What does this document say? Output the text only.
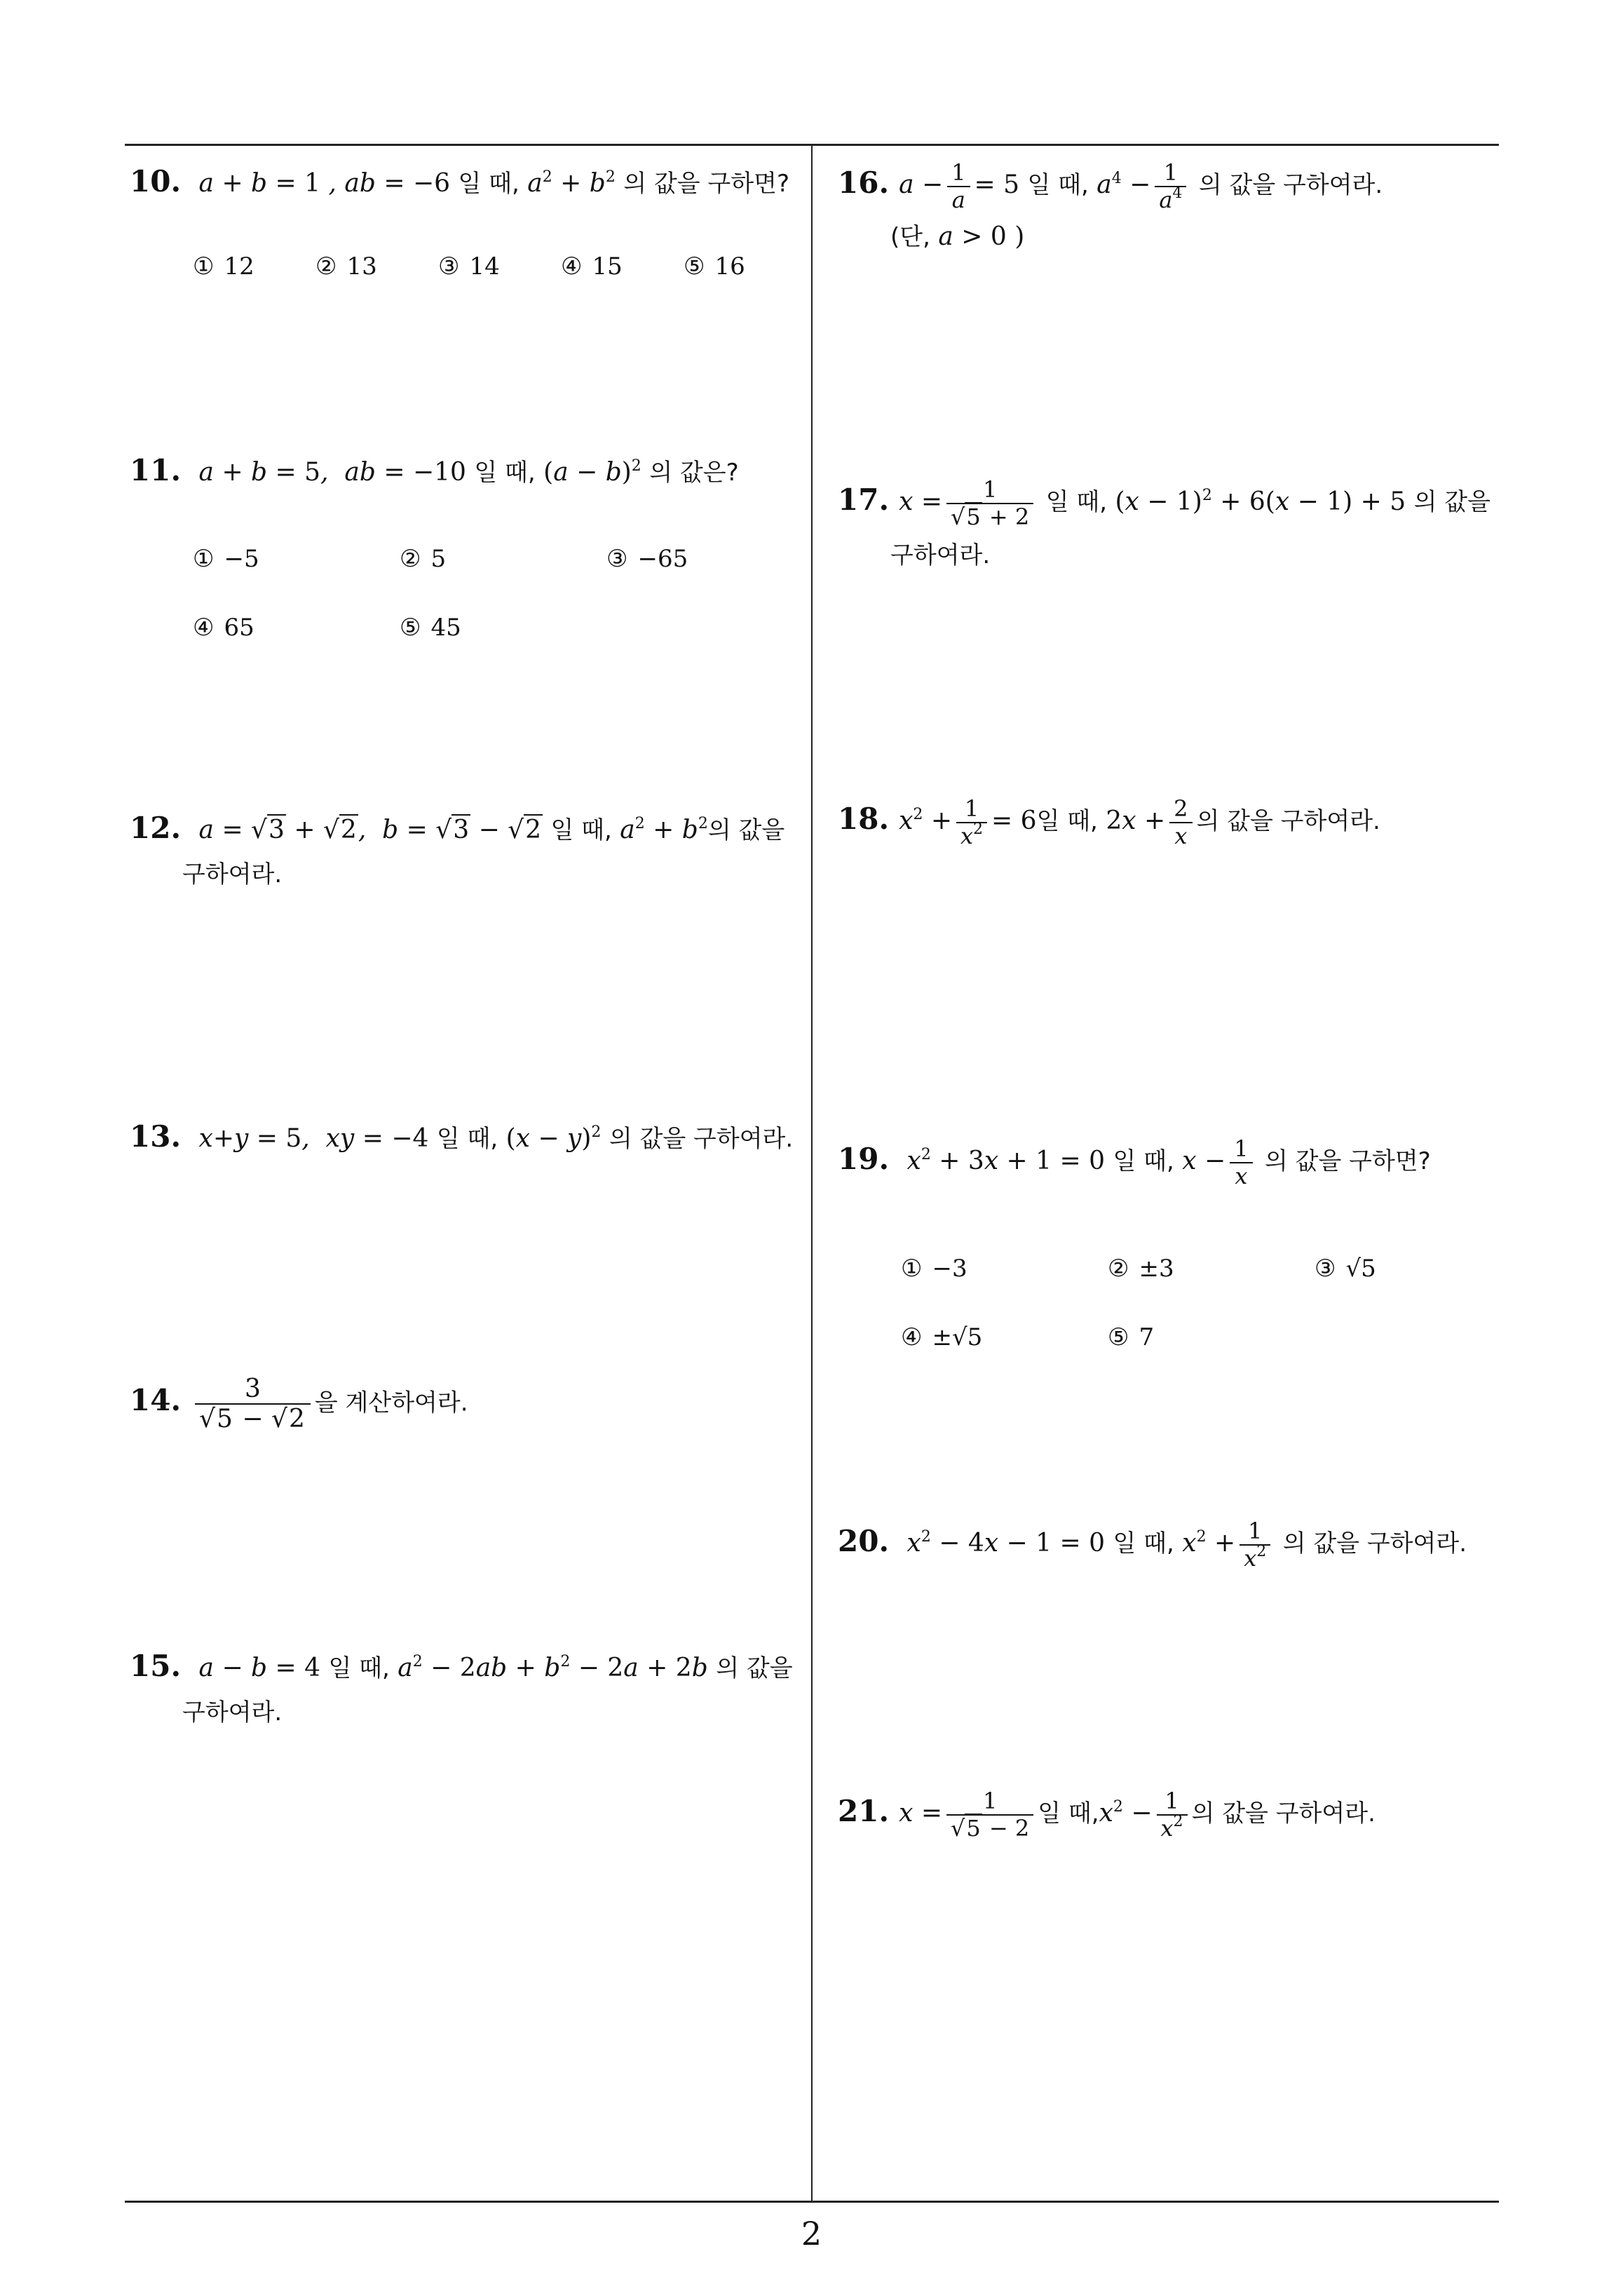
10. a + b = 1 , ab = −6 일 때, $a^2 + b^2$ 의 값을 구하면?
① 12	② 13	③ 14	④ 15	⑤ 16
11. a + b = 5,  ab = −10 일 때, $(a - b)^2$ 의 값은?
① −5	② 5	③ −65
④ 65	⑤ 45
12. a = √3 + √2,  b = √3 − √2 일 때, $a^2 + b^2$의 값을
구하여라.
13. x+y = 5,  xy = −4 일 때, $(x - y)^2$ 의 값을 구하여라.
14. $\frac{3}{√5 - √2}$ 을 계산하여라.
15. a − b = 4 일 때, $a^2 - 2ab + b^2 - 2a + 2b$ 의 값을
구하여라.
16. $a - \frac{1}{a} = 5$ 일 때, $a^4 - \frac{1}{a^4}$ 의 값을 구하여라.
(단, a > 0 )
17. $x = \frac{1}{√5 + 2}$ 일 때, $(x - 1)^2 + 6(x - 1) + 5$ 의 값을
구하여라.
18. $x^2 + \frac{1}{x^2} = 6$일 때, $2x + \frac{2}{x}$ 의 값을 구하여라.
19. $x^2 + 3x + 1 = 0$ 일 때, $x - \frac{1}{x}$ 의 값을 구하면?
① −3	② ±3	③ √5
④ ±√5	⑤ 7
20. $x^2 - 4x - 1 = 0$ 일 때, $x^2 + \frac{1}{x^2}$ 의 값을 구하여라.
21. $x = \frac{1}{√5 - 2}$ 일 때$,x^2 - \frac{1}{x^2}$ 의 값을 구하여라.
2
